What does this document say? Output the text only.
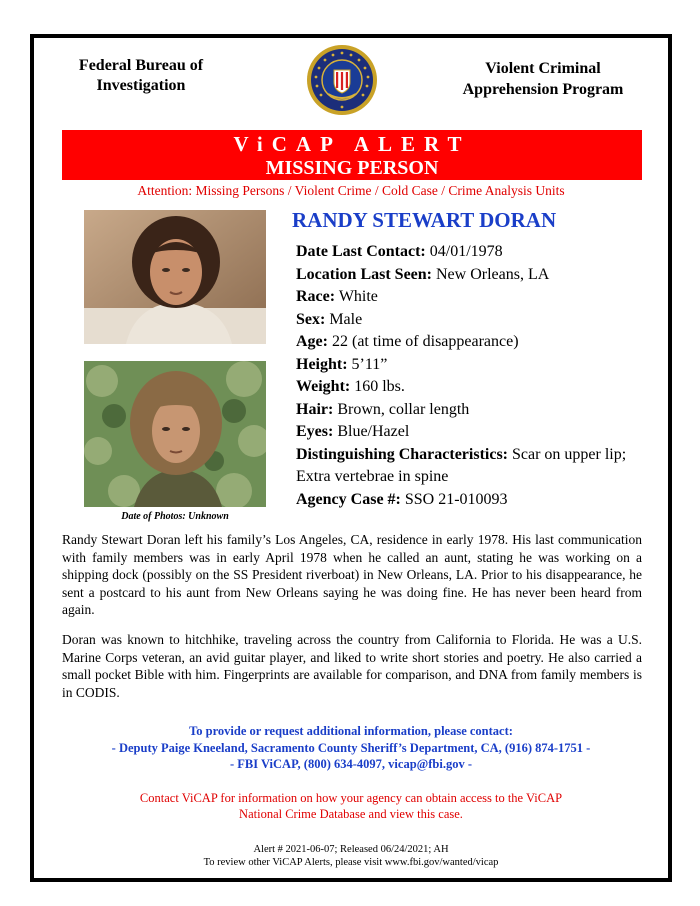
Federal Bureau of
Investigation
Violent Criminal
Apprehension Program
ViCAP ALERT
MISSING PERSON
Attention: Missing Persons / Violent Crime / Cold Case / Crime Analysis Units
Date of Photos: Unknown
RANDY STEWART DORAN
Date Last Contact: 04/01/1978
Location Last Seen: New Orleans, LA
Race: White
Sex: Male
Age: 22 (at time of disappearance)
Height: 5’11”
Weight: 160 lbs.
Hair: Brown, collar length
Eyes: Blue/Hazel
Distinguishing Characteristics: Scar on upper lip; Extra vertebrae in spine
Agency Case #: SSO 21-010093
Randy Stewart Doran left his family’s Los Angeles, CA, residence in early 1978. His last communication with family members was in early April 1978 when he called an aunt, stating he was working on a shipping dock (possibly on the SS President riverboat) in New Orleans, LA. Prior to his disappearance, he sent a postcard to his aunt from New Orleans saying he was doing fine. He has never been heard from again.
Doran was known to hitchhike, traveling across the country from California to Florida. He was a U.S. Marine Corps veteran, an avid guitar player, and liked to write short stories and poetry. He also carried a small pocket Bible with him. Fingerprints are available for comparison, and DNA from family members is in CODIS.
To provide or request additional information, please contact:
- Deputy Paige Kneeland, Sacramento County Sheriff’s Department, CA, (916) 874-1751 -
- FBI ViCAP, (800) 634-4097, vicap@fbi.gov -
Contact ViCAP for information on how your agency can obtain access to the ViCAP
National Crime Database and view this case.
Alert # 2021-06-07; Released 06/24/2021; AH
To review other ViCAP Alerts, please visit www.fbi.gov/wanted/vicap
